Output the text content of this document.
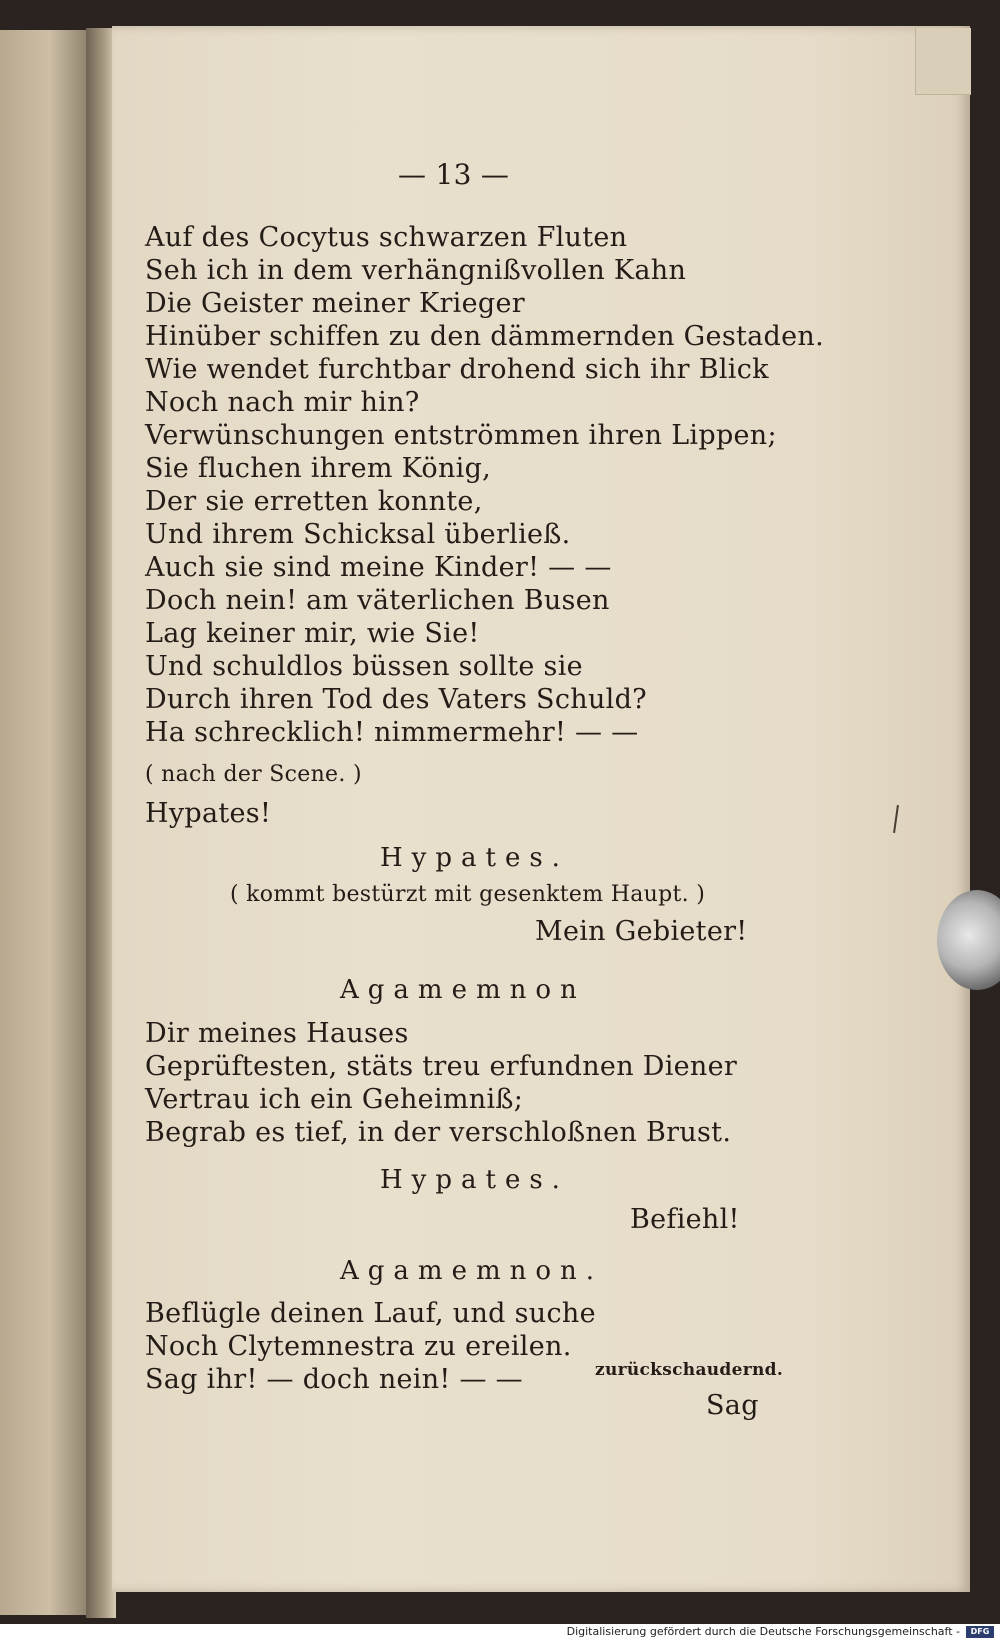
— 13 —
Auf des Cocytus schwarzen Fluten
Seh ich in dem verhängnißvollen Kahn
Die Geister meiner Krieger
Hinüber schiffen zu den dämmernden Gestaden.
Wie wendet furchtbar drohend sich ihr Blick
Noch nach mir hin?
Verwünschungen entströmmen ihren Lippen;
Sie fluchen ihrem König,
Der sie erretten konnte,
Und ihrem Schicksal überließ.
Auch sie sind meine Kinder! — —
Doch nein! am väterlichen Busen
Lag keiner mir, wie Sie!
Und schuldlos büssen sollte sie
Durch ihren Tod des Vaters Schuld?
Ha schrecklich! nimmermehr! — —
( nach der Scene. )
Hypates!
Hypates.
( kommt bestürzt mit gesenktem Haupt. )
Mein Gebieter!
Agamemnon
Dir meines Hauses
Geprüftesten, stäts treu erfundnen Diener
Vertrau ich ein Geheimniß;
Begrab es tief, in der verschloßnen Brust.
Hypates.
Befiehl!
Agamemnon.
Beflügle deinen Lauf, und suche
Noch Clytemnestra zu ereilen.
Sag ihr! — doch nein! — —	zurückschaudernd.
Sag
Digitalisierung gefördert durch die Deutsche Forschungsgemeinschaft -	DFG
